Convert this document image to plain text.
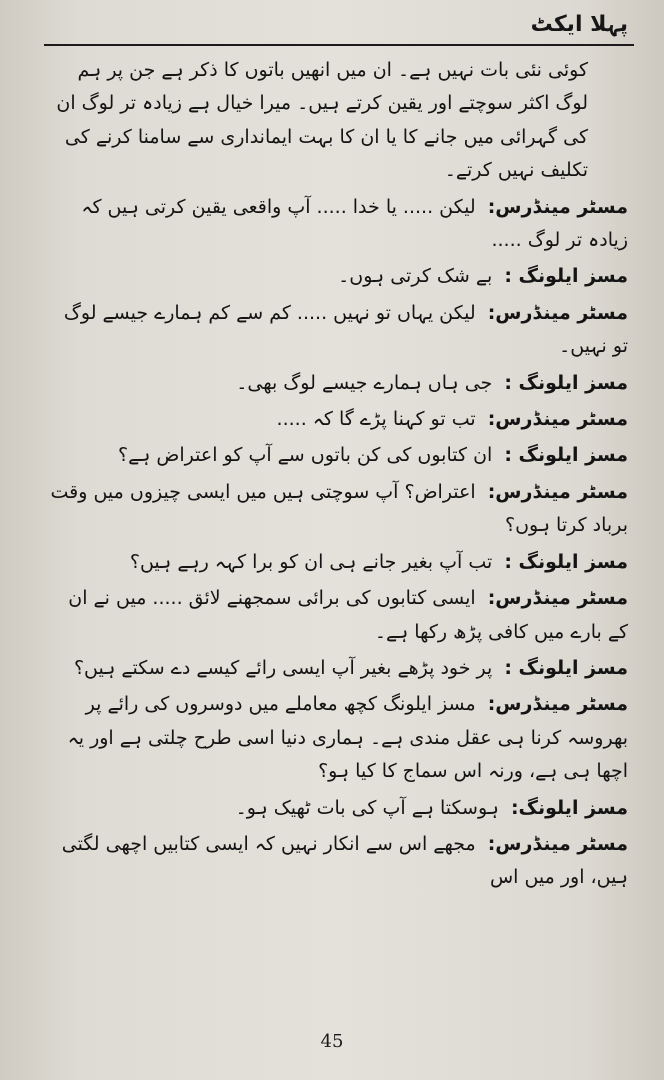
پہلا ایکٹ

کوئی نئی بات نہیں ہے۔ ان میں انھیں باتوں کا ذکر ہے جن پر ہم لوگ اکثر سوچتے اور یقین کرتے ہیں۔ میرا خیال ہے زیادہ تر لوگ ان کی گہرائی میں جانے کا یا ان کا بہت ایمانداری سے سامنا کرنے کی تکلیف نہیں کرتے۔

مسٹر مینڈرس: لیکن ..... یا خدا ..... آپ واقعی یقین کرتی ہیں کہ زیادہ تر لوگ .....

مسز ایلونگ : بے شک کرتی ہوں۔

مسٹر مینڈرس: لیکن یہاں تو نہیں ..... کم سے کم ہمارے جیسے لوگ تو نہیں۔

مسز ایلونگ : جی ہاں ہمارے جیسے لوگ بھی۔

مسٹر مینڈرس: تب تو کہنا پڑے گا کہ .....

مسز ایلونگ : ان کتابوں کی کن باتوں سے آپ کو اعتراض ہے؟

مسٹر مینڈرس: اعتراض؟ آپ سوچتی ہیں میں ایسی چیزوں میں وقت برباد کرتا ہوں؟

مسز ایلونگ : تب آپ بغیر جانے ہی ان کو برا کہہ رہے ہیں؟

مسٹر مینڈرس: ایسی کتابوں کی برائی سمجھنے لائق ..... میں نے ان کے بارے میں کافی پڑھ رکھا ہے۔

مسز ایلونگ : پر خود پڑھے بغیر آپ ایسی رائے کیسے دے سکتے ہیں؟

مسٹر مینڈرس: مسز ایلونگ کچھ معاملے میں دوسروں کی رائے پر بھروسہ کرنا ہی عقل مندی ہے۔ ہماری دنیا اسی طرح چلتی ہے اور یہ اچھا ہی ہے، ورنہ اس سماج کا کیا ہو؟

مسز ایلونگ: ہوسکتا ہے آپ کی بات ٹھیک ہو۔

مسٹر مینڈرس: مجھے اس سے انکار نہیں کہ ایسی کتابیں اچھی لگتی ہیں، اور میں اس

45
